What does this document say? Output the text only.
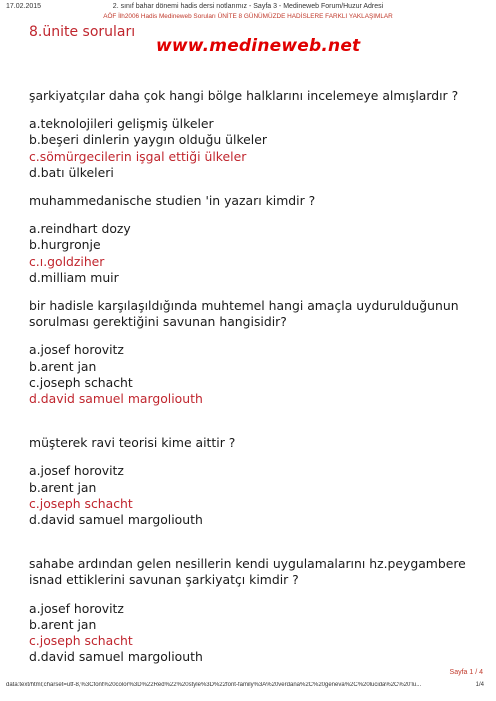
17.02.2015	2. sınıf bahar dönemi hadis dersi notlarımız - Sayfa 3 - Medineweb Forum/Huzur Adresi
AÖF İlh2006 Hadis Medineweb Soruları ÜNİTE 8 GÜNÜMÜZDE HADİSLERE FARKLI YAKLAŞIMLAR
8.ünite soruları
www.medineweb.net

şarkiyatçılar daha çok hangi bölge halklarını incelemeye almışlardır ?

a.teknolojileri gelişmiş ülkeler

b.beşeri dinlerin yaygın olduğu ülkeler

c.sömürgecilerin işgal ettiği ülkeler

d.batı ülkeleri

muhammedanische studien 'in yazarı kimdir ?

a.reindhart dozy

b.hurgronje

c.ı.goldziher

d.milliam muir

bir hadisle karşılaşıldığında muhtemel hangi amaçla uydurulduğunun sorulması gerektiğini savunan hangisidir?

a.josef horovitz

b.arent jan

c.joseph schacht

d.david samuel margoliouth

müşterek ravi teorisi kime aittir ?

a.josef horovitz

b.arent jan

c.joseph schacht

d.david samuel margoliouth

sahabe ardından gelen nesillerin kendi uygulamalarını hz.peygambere isnad ettiklerini savunan şarkiyatçı kimdir ?

a.josef horovitz

b.arent jan

c.joseph schacht

d.david samuel margoliouth

Sayfa 1 / 4
data:text/html;charset=utf-8,%3Cfont%20color%3D%22Red%22%20style%3D%22font-family%3A%20verdana%2C%20geneva%2C%20lucida%2C%20'lu...	1/4
